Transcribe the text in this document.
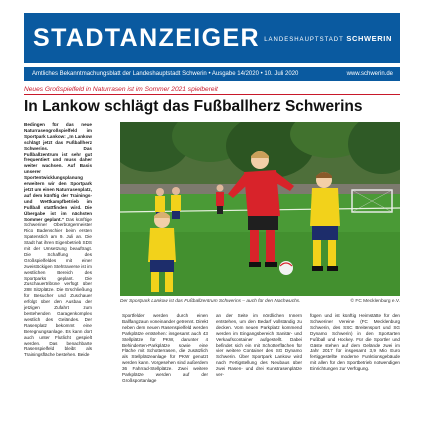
STADTANZEIGER LANDESHAUPTSTADT SCHWERIN
Amtliches Bekanntmachungsblatt der Landeshauptstadt Schwerin • Ausgabe 14/2020 • 10. Juli 2020	www.schwerin.de
Neues Großspielfeld in Naturrasen ist im Sommer 2021 spielbereit
In Lankow schlägt das Fußballherz Schwerins
Bedingen für das neue Naturrasengroßspielfeld im Sportpark Lankow: „In Lankow schlägt jetzt das Fußballherz Schwerins. Das Fußballzentrum ist sehr gut frequentiert und muss daher weiter wachsen. Auf Basis unserer Sportentwicklungsplanung erweitern wir den Sportpark jetzt um einen Naturrasenplatz, auf dem künftig der Trainings- und Wettkampfbetrieb im Fußball stattfinden wird. Die Übergabe ist im nächsten Sommer geplant.“ Das künftige Schweriner Oberbürgermeister Rico Badenschier beim ersten Spatenstich am 9. Juli an. Die Stadt hat ihren Eigenbetrieb SDS mit der Umsetzung beauftragt. Die Schaffung des Großspielfeldes mit einer zweistöckigen Stehtraverse ist im westlichen Bereich des Sportparks geplant. Die Zuschauertribüne verfügt über 288 Sitzplätze. Die Erschließung für Besucher und Zuschauer erfolgt über den Ausbau der jetzigen Zufahrt zum bestehenden Garagenkomplex westlich des Geländes. Der Rasenplatz bekommt eine Beregnungsanlage. Es kann dort auch unter Flutlicht gespielt werden. Das benachbarte Rasenspielfeld bleibt als Trainingsfläche bestehen. Beide
Der Sportpark Lankow ist das Fußballzentrum Schwerins – auch für den Nachwuchs.	© FC Mecklenburg e.V.
Sportfelder werden durch einen Ballfangzaun voneinander getrennt. Direkt neben dem neuen Rasenspielfeld werden Parkplätze entstehen: insgesamt auch 43 Stellplätze für PKW, darunter 4 Behinderten-Parkplätze sowie eine Fläche mit Schotterrasen, die zusätzlich als Stellplätzeanlage für PKW genutzt werden kann. Vorgesehen sind außerdem 36 Fahrrad-Stellplätze. Zwei weitere Parkplätze werden auf der Großsportanlage
an der Seite im nördlichen Innern entstehen, um den Bedarf vollständig zu decken. Vom neuen Parkplatz kommend werden im Eingangsbereich Sanitär- und Verkaufscontainer aufgestellt. Dabei befindet sich ein mit Schotterflächen für vier weitere Container des SG Dynamo Schwerin. Über Sportpark Lankow wird nach Fertigstellung des Neubaus über zwei Rasen- und drei Kunstrasenplätze ver-
fügen und ist künftig Heimstätte für den Schweriner Vereine (FC Mecklenburg Schwerin, des SSC Breitensport und SG Dynamo Schwerin) in den Sportarten Fußball und Hockey. Für die Sportler und Gäste stehen auf dem Gelände zwei im Jahr 2017 für insgesamt 3,9 Mio Euro fertiggestellte moderne Funktionsgebäude mit allen für den Sportbetrieb notwendigen Einrichtungen zur Verfügung.
